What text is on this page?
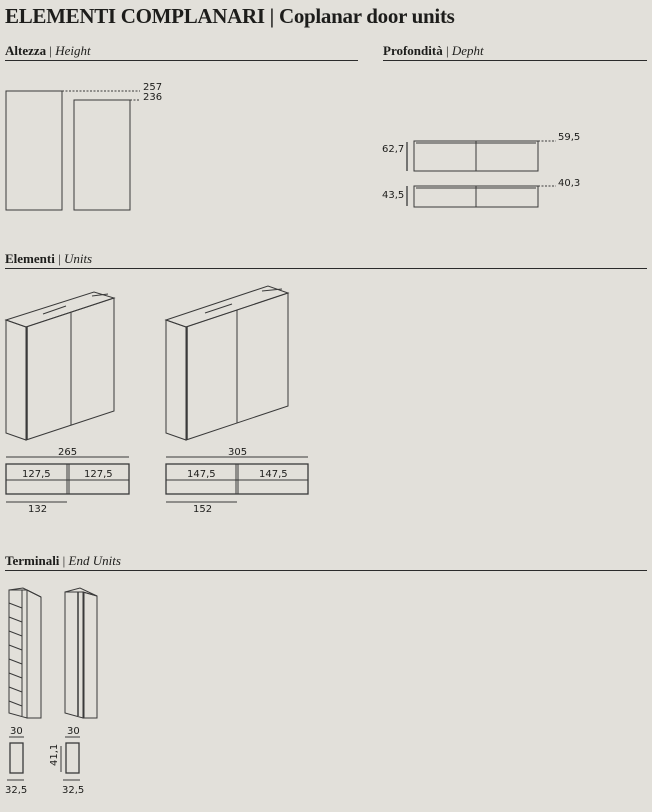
ELEMENTI COMPLANARI | Coplanar door units
Altezza | Height	Profondità | Depht
Elementi | Units
Terminali | End Units
257
236
62,7
59,5
43,5
40,3
265
127,5	127,5
132
305
147,5	147,5
152
30
32,5
30
41,1
32,5
